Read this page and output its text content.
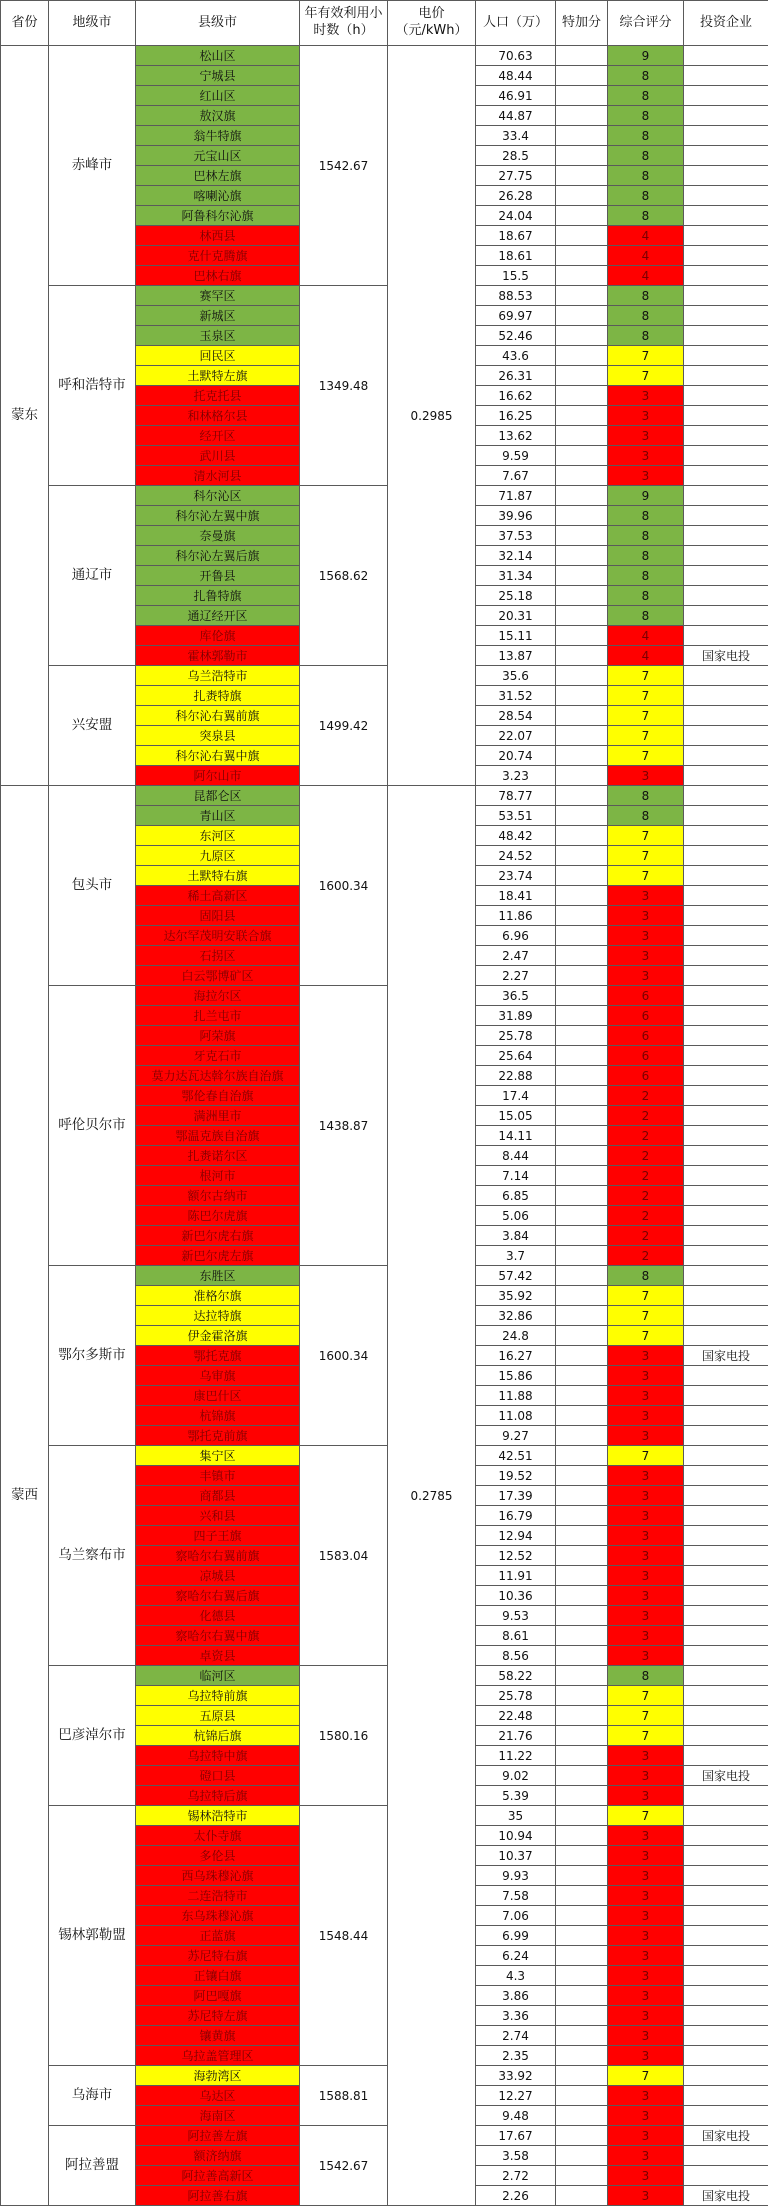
省份	地级市	县级市	年有效利用小时数（h）	电价（元/kWh）	人口（万）	特加分	综合评分	投资企业
蒙东	赤峰市	松山区	1542.67	0.2985	70.63		9	
		宁城县			48.44		8	
		红山区			46.91		8	
		敖汉旗			44.87		8	
		翁牛特旗			33.4		8	
		元宝山区			28.5		8	
		巴林左旗			27.75		8	
		喀喇沁旗			26.28		8	
		阿鲁科尔沁旗			24.04		8	
		林西县			18.67		4	
		克什克腾旗			18.61		4	
		巴林右旗			15.5		4	
	呼和浩特市	赛罕区	1349.48		88.53		8	
		新城区			69.97		8	
		玉泉区			52.46		8	
		回民区			43.6		7	
		土默特左旗			26.31		7	
		托克托县			16.62		3	
		和林格尔县			16.25		3	
		经开区			13.62		3	
		武川县			9.59		3	
		清水河县			7.67		3	
	通辽市	科尔沁区	1568.62		71.87		9	
		科尔沁左翼中旗			39.96		8	
		奈曼旗			37.53		8	
		科尔沁左翼后旗			32.14		8	
		开鲁县			31.34		8	
		扎鲁特旗			25.18		8	
		通辽经开区			20.31		8	
		库伦旗			15.11		4	
		霍林郭勒市			13.87		4	国家电投
	兴安盟	乌兰浩特市	1499.42		35.6		7	
		扎赉特旗			31.52		7	
		科尔沁右翼前旗			28.54		7	
		突泉县			22.07		7	
		科尔沁右翼中旗			20.74		7	
		阿尔山市			3.23		3	
蒙西	包头市	昆都仑区	1600.34	0.2785	78.77		8	
		青山区			53.51		8	
		东河区			48.42		7	
		九原区			24.52		7	
		土默特右旗			23.74		7	
		稀土高新区			18.41		3	
		固阳县			11.86		3	
		达尔罕茂明安联合旗			6.96		3	
		石拐区			2.47		3	
		白云鄂博矿区			2.27		3	
	呼伦贝尔市	海拉尔区	1438.87		36.5		6	
		扎兰屯市			31.89		6	
		阿荣旗			25.78		6	
		牙克石市			25.64		6	
		莫力达瓦达斡尔族自治旗			22.88		6	
		鄂伦春自治旗			17.4		2	
		满洲里市			15.05		2	
		鄂温克族自治旗			14.11		2	
		扎赉诺尔区			8.44		2	
		根河市			7.14		2	
		额尔古纳市			6.85		2	
		陈巴尔虎旗			5.06		2	
		新巴尔虎右旗			3.84		2	
		新巴尔虎左旗			3.7		2	
	鄂尔多斯市	东胜区	1600.34		57.42		8	
		准格尔旗			35.92		7	
		达拉特旗			32.86		7	
		伊金霍洛旗			24.8		7	
		鄂托克旗			16.27		3	国家电投
		乌审旗			15.86		3	
		康巴什区			11.88		3	
		杭锦旗			11.08		3	
		鄂托克前旗			9.27		3	
	乌兰察布市	集宁区	1583.04		42.51		7	
		丰镇市			19.52		3	
		商都县			17.39		3	
		兴和县			16.79		3	
		四子王旗			12.94		3	
		察哈尔右翼前旗			12.52		3	
		凉城县			11.91		3	
		察哈尔右翼后旗			10.36		3	
		化德县			9.53		3	
		察哈尔右翼中旗			8.61		3	
		卓资县			8.56		3	
	巴彦淖尔市	临河区	1580.16		58.22		8	
		乌拉特前旗			25.78		7	
		五原县			22.48		7	
		杭锦后旗			21.76		7	
		乌拉特中旗			11.22		3	
		磴口县			9.02		3	国家电投
		乌拉特后旗			5.39		3	
	锡林郭勒盟	锡林浩特市	1548.44		35		7	
		太仆寺旗			10.94		3	
		多伦县			10.37		3	
		西乌珠穆沁旗			9.93		3	
		二连浩特市			7.58		3	
		东乌珠穆沁旗			7.06		3	
		正蓝旗			6.99		3	
		苏尼特右旗			6.24		3	
		正镶白旗			4.3		3	
		阿巴嘎旗			3.86		3	
		苏尼特左旗			3.36		3	
		镶黄旗			2.74		3	
		乌拉盖管理区			2.35		3	
	乌海市	海勃湾区	1588.81		33.92		7	
		乌达区			12.27		3	
		海南区			9.48		3	
	阿拉善盟	阿拉善左旗	1542.67		17.67		3	国家电投
		额济纳旗			3.58		3	
		阿拉善高新区			2.72		3	
		阿拉善右旗			2.26		3	国家电投
